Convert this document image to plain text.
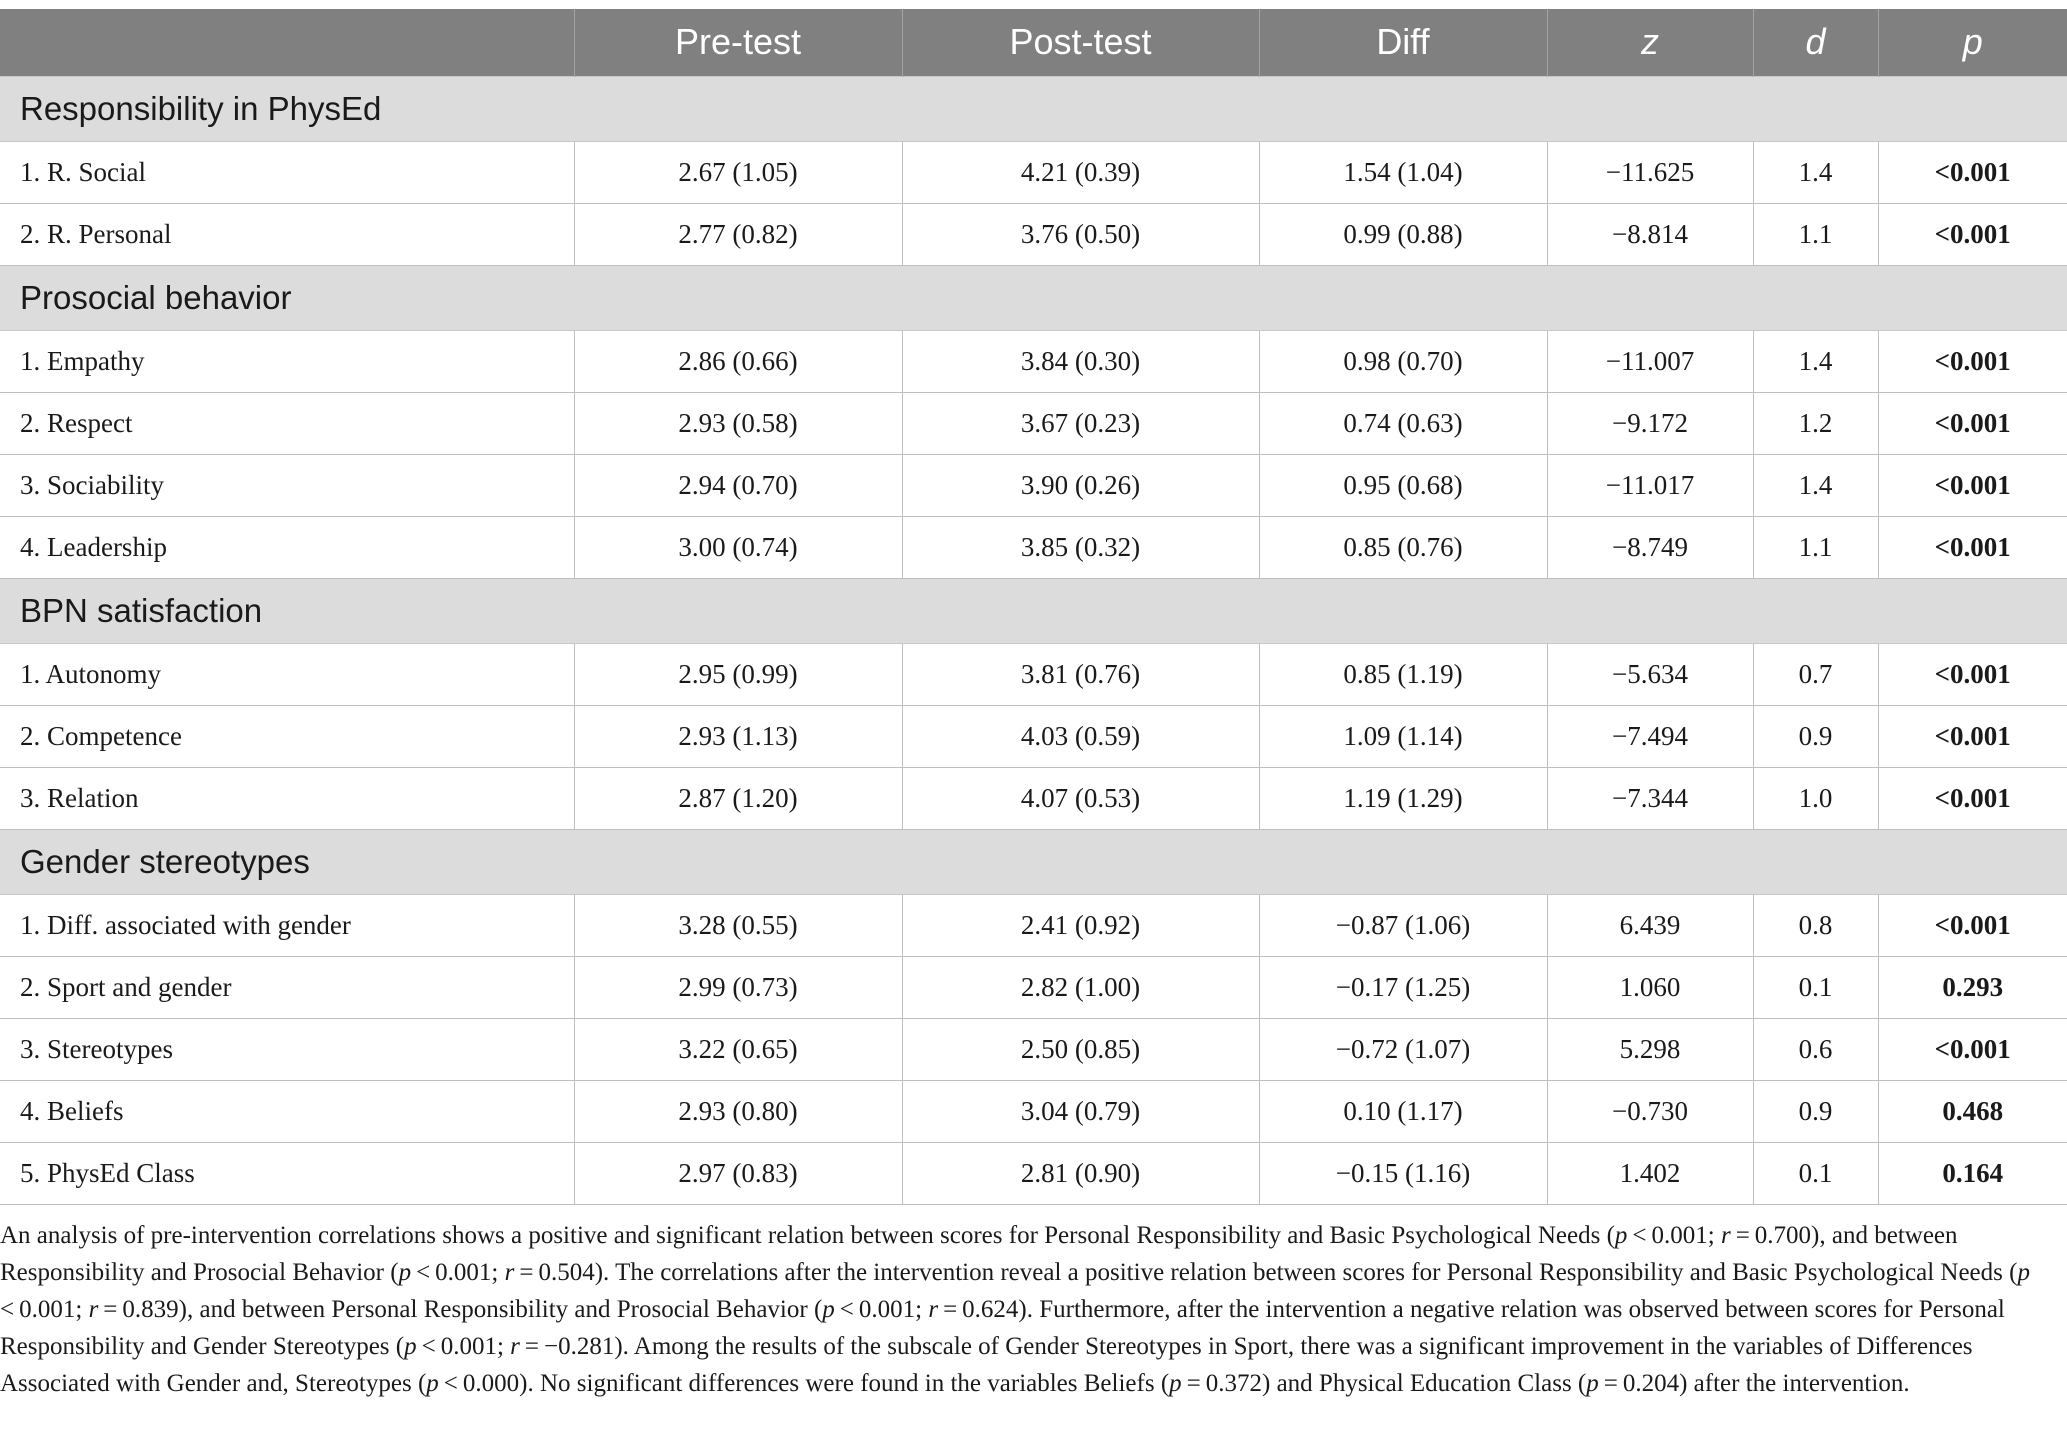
	Pre-test	Post-test	Diff	z	d	p
Responsibility in PhysEd						
1. R. Social	2.67 (1.05)	4.21 (0.39)	1.54 (1.04)	−11.625	1.4	<0.001
2. R. Personal	2.77 (0.82)	3.76 (0.50)	0.99 (0.88)	−8.814	1.1	<0.001
Prosocial behavior						
1. Empathy	2.86 (0.66)	3.84 (0.30)	0.98 (0.70)	−11.007	1.4	<0.001
2. Respect	2.93 (0.58)	3.67 (0.23)	0.74 (0.63)	−9.172	1.2	<0.001
3. Sociability	2.94 (0.70)	3.90 (0.26)	0.95 (0.68)	−11.017	1.4	<0.001
4. Leadership	3.00 (0.74)	3.85 (0.32)	0.85 (0.76)	−8.749	1.1	<0.001
BPN satisfaction						
1. Autonomy	2.95 (0.99)	3.81 (0.76)	0.85 (1.19)	−5.634	0.7	<0.001
2. Competence	2.93 (1.13)	4.03 (0.59)	1.09 (1.14)	−7.494	0.9	<0.001
3. Relation	2.87 (1.20)	4.07 (0.53)	1.19 (1.29)	−7.344	1.0	<0.001
Gender stereotypes						
1. Diff. associated with gender	3.28 (0.55)	2.41 (0.92)	−0.87 (1.06)	6.439	0.8	<0.001
2. Sport and gender	2.99 (0.73)	2.82 (1.00)	−0.17 (1.25)	1.060	0.1	0.293
3. Stereotypes	3.22 (0.65)	2.50 (0.85)	−0.72 (1.07)	5.298	0.6	<0.001
4. Beliefs	2.93 (0.80)	3.04 (0.79)	0.10 (1.17)	−0.730	0.9	0.468
5. PhysEd Class	2.97 (0.83)	2.81 (0.90)	−0.15 (1.16)	1.402	0.1	0.164
An analysis of pre-intervention correlations shows a positive and significant relation between scores for Personal Responsibility and Basic Psychological Needs (p < 0.001; r = 0.700), and between Responsibility and Prosocial Behavior (p < 0.001; r = 0.504). The correlations after the intervention reveal a positive relation between scores for Personal Responsibility and Basic Psychological Needs (p < 0.001; r = 0.839), and between Personal Responsibility and Prosocial Behavior (p < 0.001; r = 0.624). Furthermore, after the intervention a negative relation was observed between scores for Personal Responsibility and Gender Stereotypes (p < 0.001; r = −0.281). Among the results of the subscale of Gender Stereotypes in Sport, there was a significant improvement in the variables of Differences Associated with Gender and, Stereotypes (p < 0.000). No significant differences were found in the variables Beliefs (p = 0.372) and Physical Education Class (p = 0.204) after the intervention.
